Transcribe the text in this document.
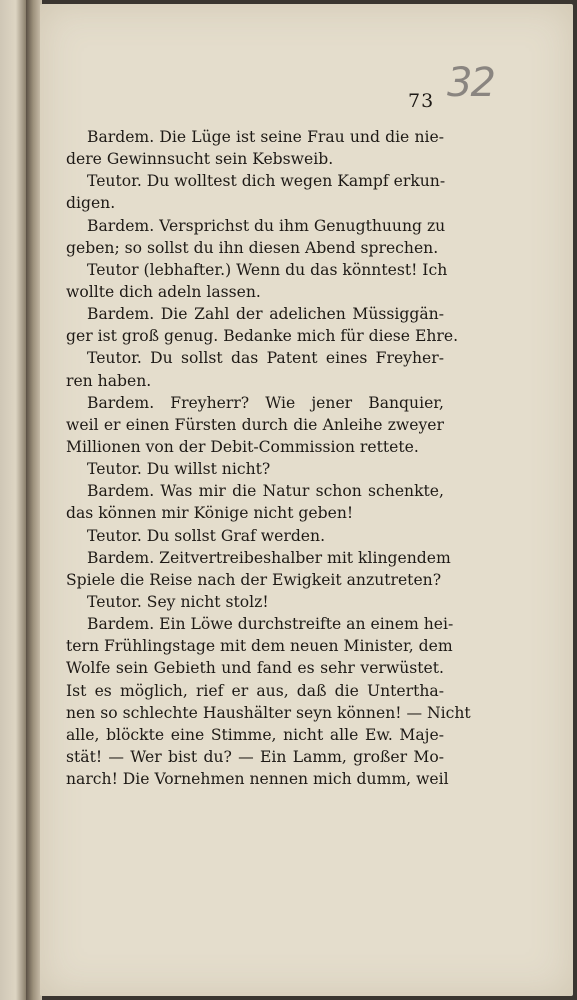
32
73
Bardem. Die Lüge ist seine Frau und die nie-
dere Gewinnsucht sein Kebsweib.
Teutor. Du wolltest dich wegen Kampf erkun-
digen.
Bardem. Versprichst du ihm Genugthuung zu
geben; so sollst du ihn diesen Abend sprechen.
Teutor (lebhafter.) Wenn du das könntest! Ich
wollte dich adeln lassen.
Bardem. Die Zahl der adelichen Müssiggän-
ger ist groß genug. Bedanke mich für diese Ehre.
Teutor. Du sollst das Patent eines Freyher-
ren haben.
Bardem. Freyherr? Wie jener Banquier,
weil er einen Fürsten durch die Anleihe zweyer
Millionen von der Debit-Commission rettete.
Teutor. Du willst nicht?
Bardem. Was mir die Natur schon schenkte,
das können mir Könige nicht geben!
Teutor. Du sollst Graf werden.
Bardem. Zeitvertreibeshalber mit klingendem
Spiele die Reise nach der Ewigkeit anzutreten?
Teutor. Sey nicht stolz!
Bardem. Ein Löwe durchstreifte an einem hei-
tern Frühlingstage mit dem neuen Minister, dem
Wolfe sein Gebieth und fand es sehr verwüstet.
Ist es möglich, rief er aus, daß die Untertha-
nen so schlechte Haushälter seyn können! — Nicht
alle, blöckte eine Stimme, nicht alle Ew. Maje-
stät! — Wer bist du? — Ein Lamm, großer Mo-
narch! Die Vornehmen nennen mich dumm, weil
